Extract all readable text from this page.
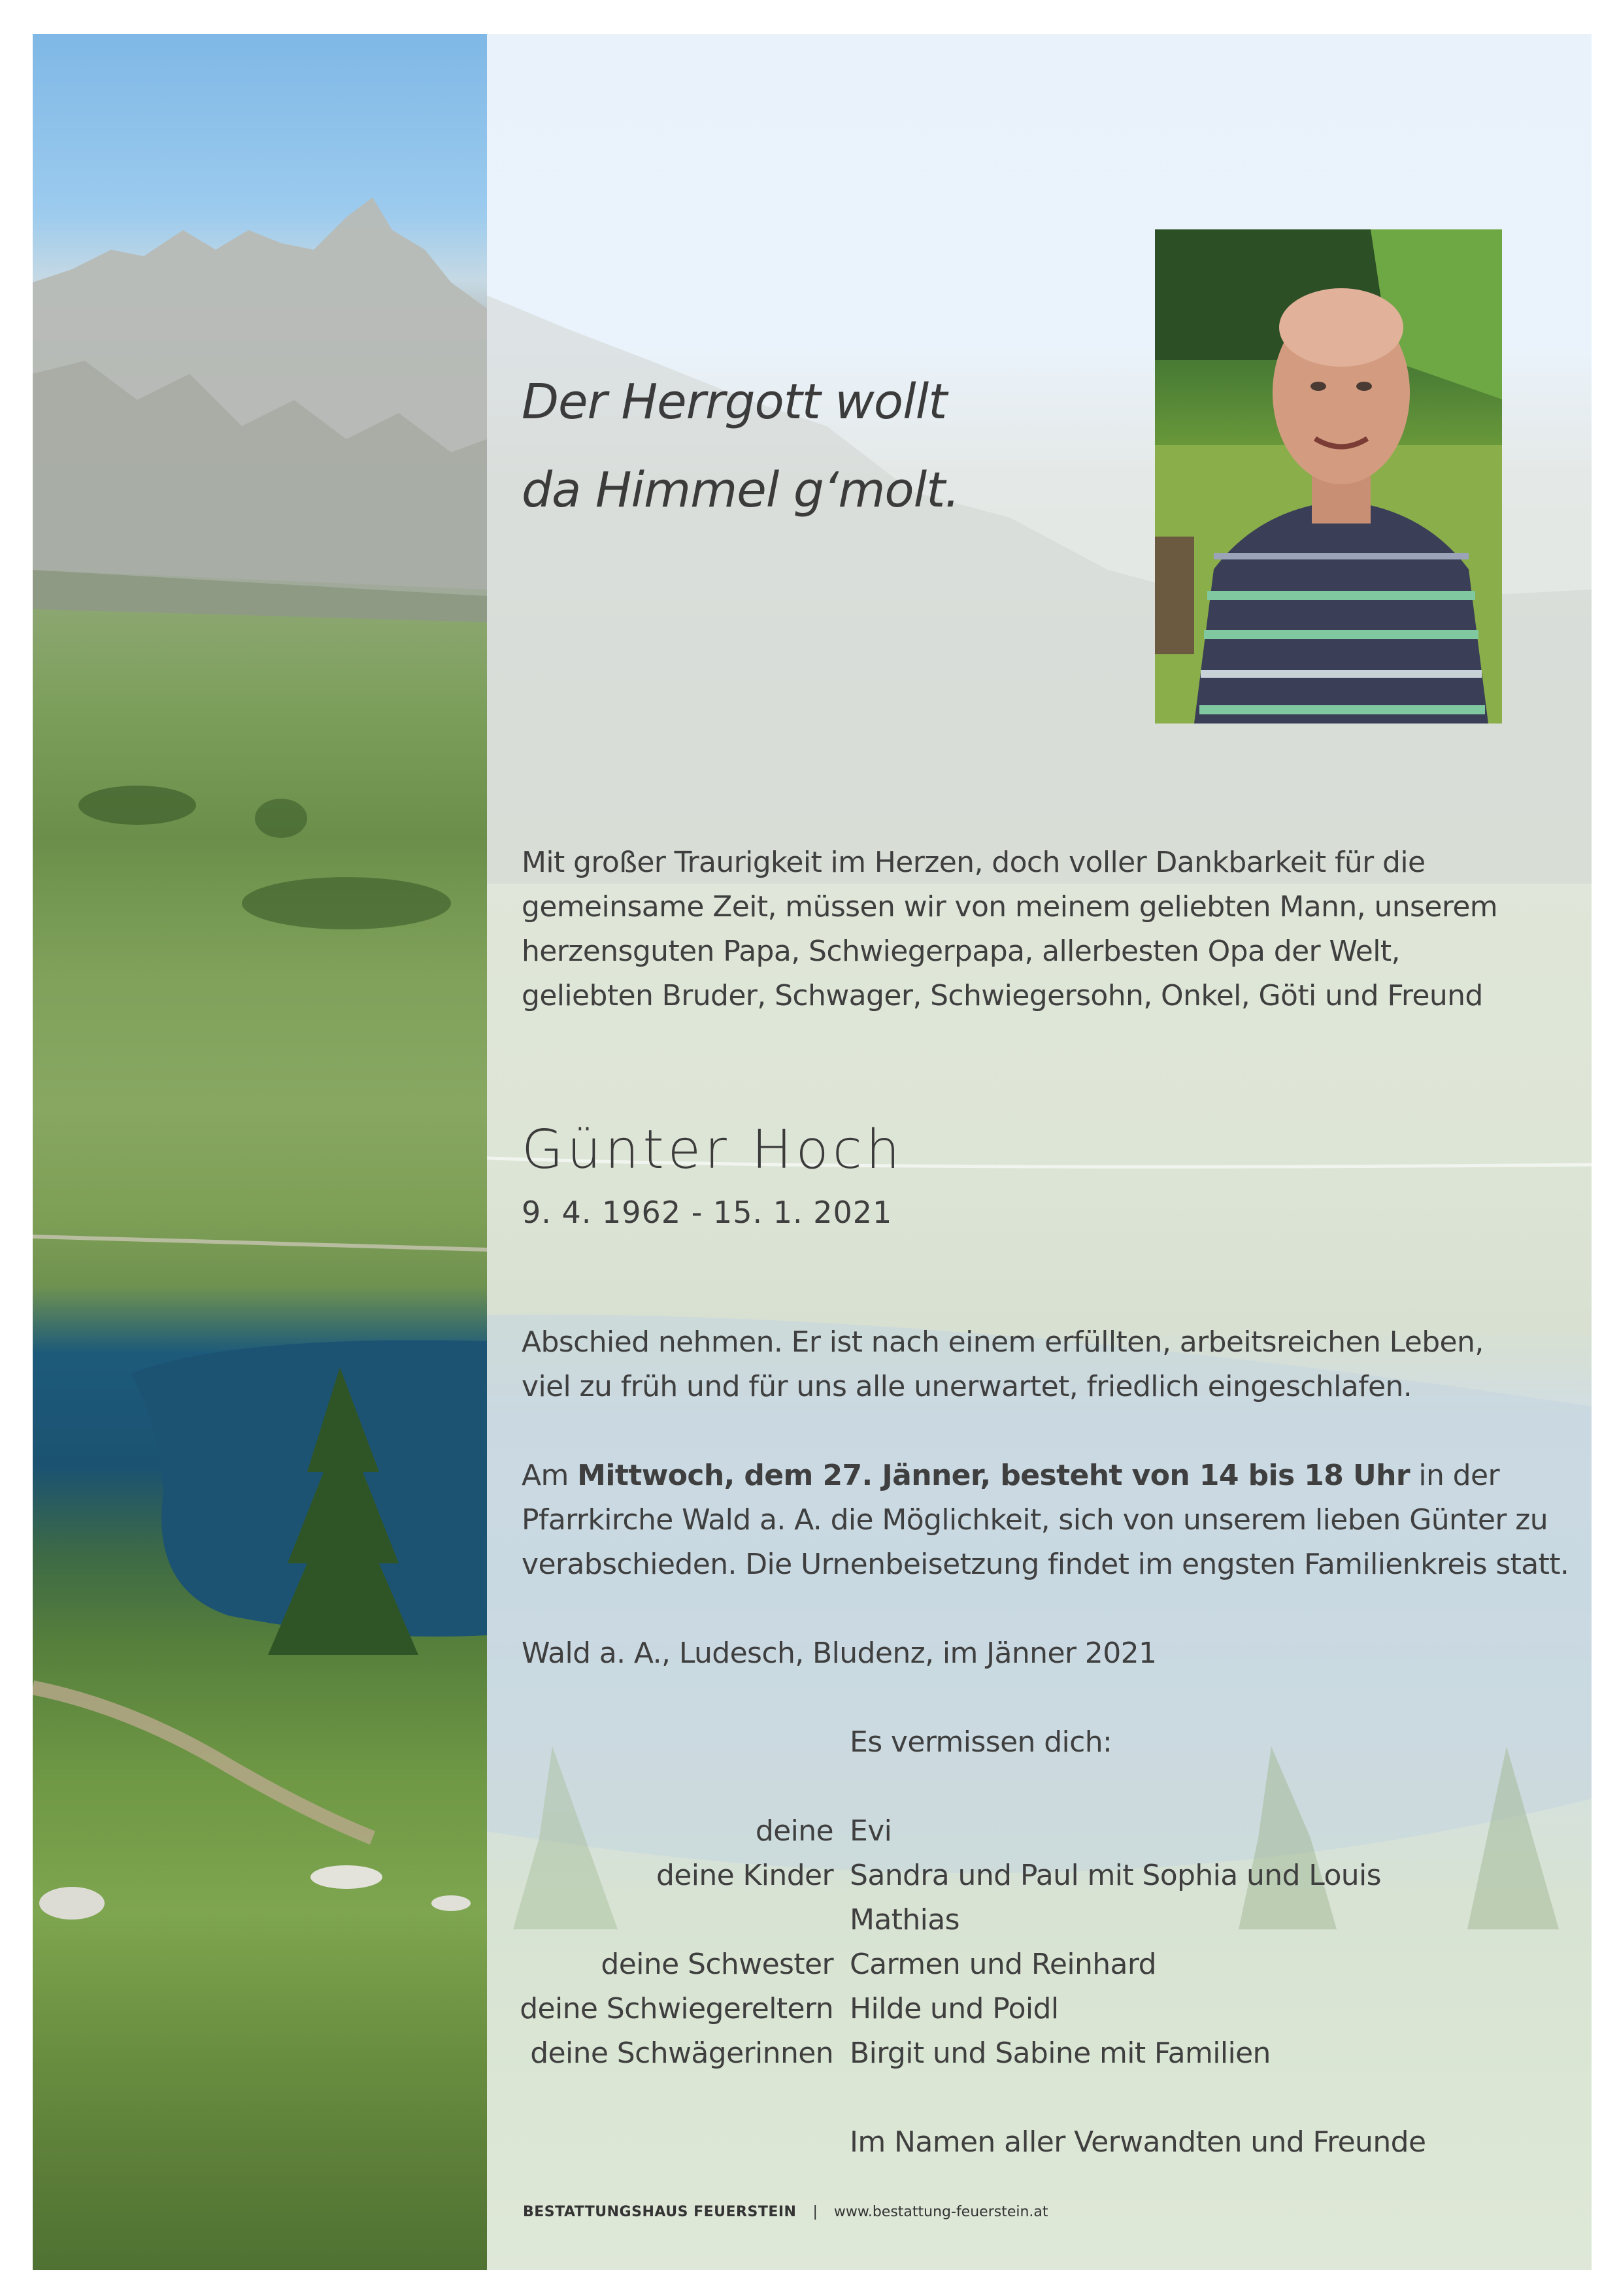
Der Herrgott wollt
da Himmel g‘molt.
Mit großer Traurigkeit im Herzen, doch voller Dankbarkeit für die
gemeinsame Zeit, müssen wir von meinem geliebten Mann, unserem
herzensguten Papa, Schwiegerpapa, allerbesten Opa der Welt,
geliebten Bruder, Schwager, Schwiegersohn, Onkel, Göti und Freund
Günter Hoch
9. 4. 1962 - 15. 1. 2021
Abschied nehmen. Er ist nach einem erfüllten, arbeitsreichen Leben,
viel zu früh und für uns alle unerwartet, friedlich eingeschlafen.
Am Mittwoch, dem 27. Jänner, besteht von 14 bis 18 Uhr in der
Pfarrkirche Wald a. A. die Möglichkeit, sich von unserem lieben Günter zu
verabschieden. Die Urnenbeisetzung findet im engsten Familienkreis statt.
Wald a. A., Ludesch, Bludenz, im Jänner 2021
Es vermissen dich:
deine Evi
deine Kinder Sandra und Paul mit Sophia und Louis
Mathias
deine Schwester Carmen und Reinhard
deine Schwiegereltern Hilde und Poidl
deine Schwägerinnen Birgit und Sabine mit Familien
Im Namen aller Verwandten und Freunde
BESTATTUNGSHAUS FEUERSTEIN | www.bestattung-feuerstein.at
